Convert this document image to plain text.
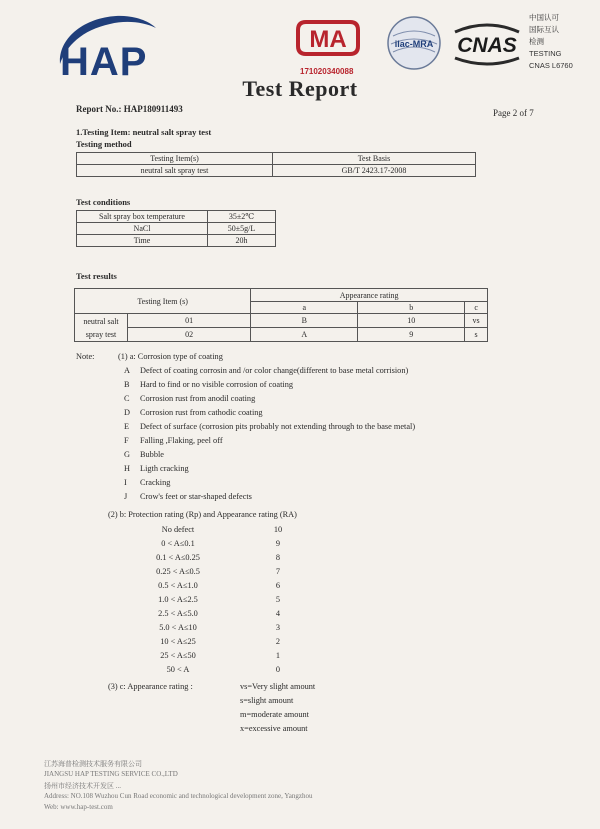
HAP
MA
171020340088
ilac-MRA CNAS
中国认可
国际互认
检测
TESTING
CNAS L6760
Test Report
Report No.: HAP180911493	Page 2 of 7
1.Testing Item: neutral salt spray test
Testing method
Testing Item(s)	Test Basis
neutral salt spray test	GB/T 2423.17-2008
Test conditions
Salt spray box temperature	35±2℃
NaCl	50±5g/L
Time	20h
Test results
Testing Item (s)		Appearance rating		
		a	b	c

neutral salt
spray test	01	B	10	vs
	02	A	9	s
Note:	(1) a: Corrosion type of coating
A Defect of coating corrosin and /or color change(different to base metal corrision)
B Hard to find or no visible corrosion of coating
C Corrosion rust from anodil coating
D Corrosion rust from cathodic coating
E Defect of surface (corrosion pits probably not extending through to the base metal)
F Falling ,Flaking, peel off
G Bubble
H Ligth cracking
I Cracking
J Crow's feet or star-shaped defects
(2) b: Protection rating (Rp) and Appearance rating (RA)
No defect	10
0 < A≤0.1	9
0.1 < A≤0.25	8
0.25 < A≤0.5	7
0.5 < A≤1.0	6
1.0 < A≤2.5	5
2.5 < A≤5.0	4
5.0 < A≤10	3
10 < A≤25	2
25 < A≤50	1
50 < A	0
(3) c: Appearance rating :	vs=Very slight amount
s=slight amount
m=moderate amount
x=excessive amount
江苏海普检测技术服务有限公司
JIANGSU HAP TESTING SERVICE CO.,LTD
扬州市经济技术开发区 ...
Address: NO.108 Wuzhou Cun Road economic and technological development zone, Yangzhou
Web: www.hap-test.com
